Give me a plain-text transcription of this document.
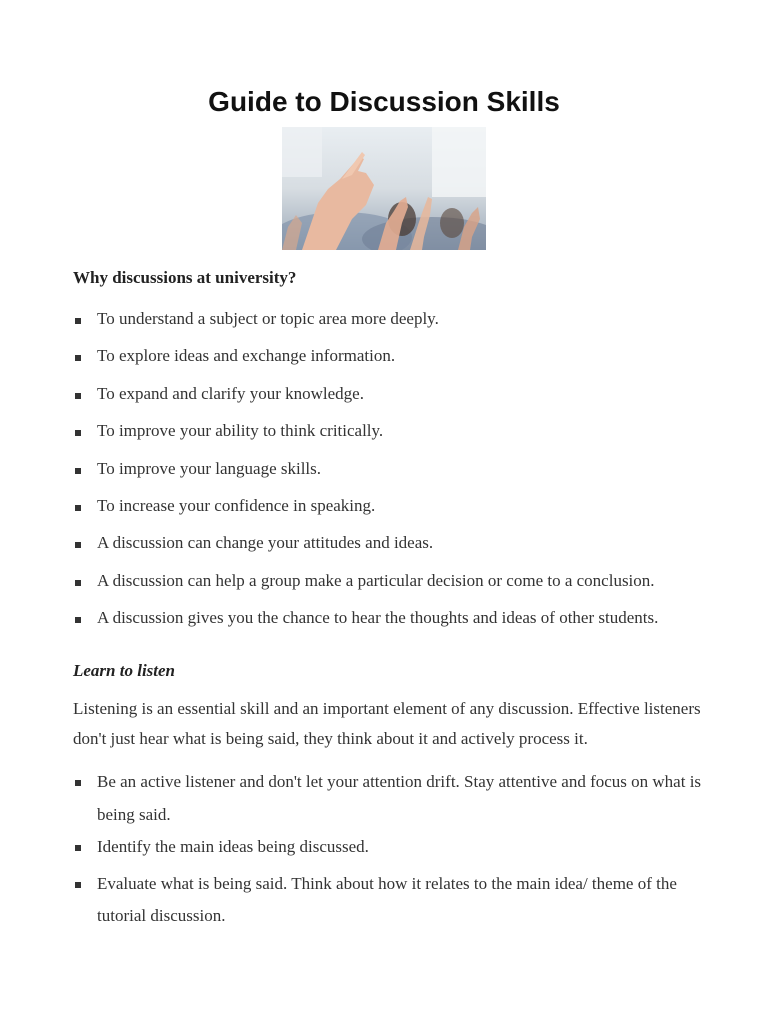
Guide to Discussion Skills
Why discussions at university?
To understand a subject or topic area more deeply.
To explore ideas and exchange information.
To expand and clarify your knowledge.
To improve your ability to think critically.
To improve your language skills.
To increase your confidence in speaking.
A discussion can change your attitudes and ideas.
A discussion can help a group make a particular decision or come to a conclusion.
A discussion gives you the chance to hear the thoughts and ideas of other students.
Learn to listen

Listening is an essential skill and an important element of any discussion. Effective listeners don't just hear what is being said, they think about it and actively process it.

Be an active listener and don't let your attention drift. Stay attentive and focus on what is being said.
Identify the main ideas being discussed.
Evaluate what is being said. Think about how it relates to the main idea/ theme of the tutorial discussion.
